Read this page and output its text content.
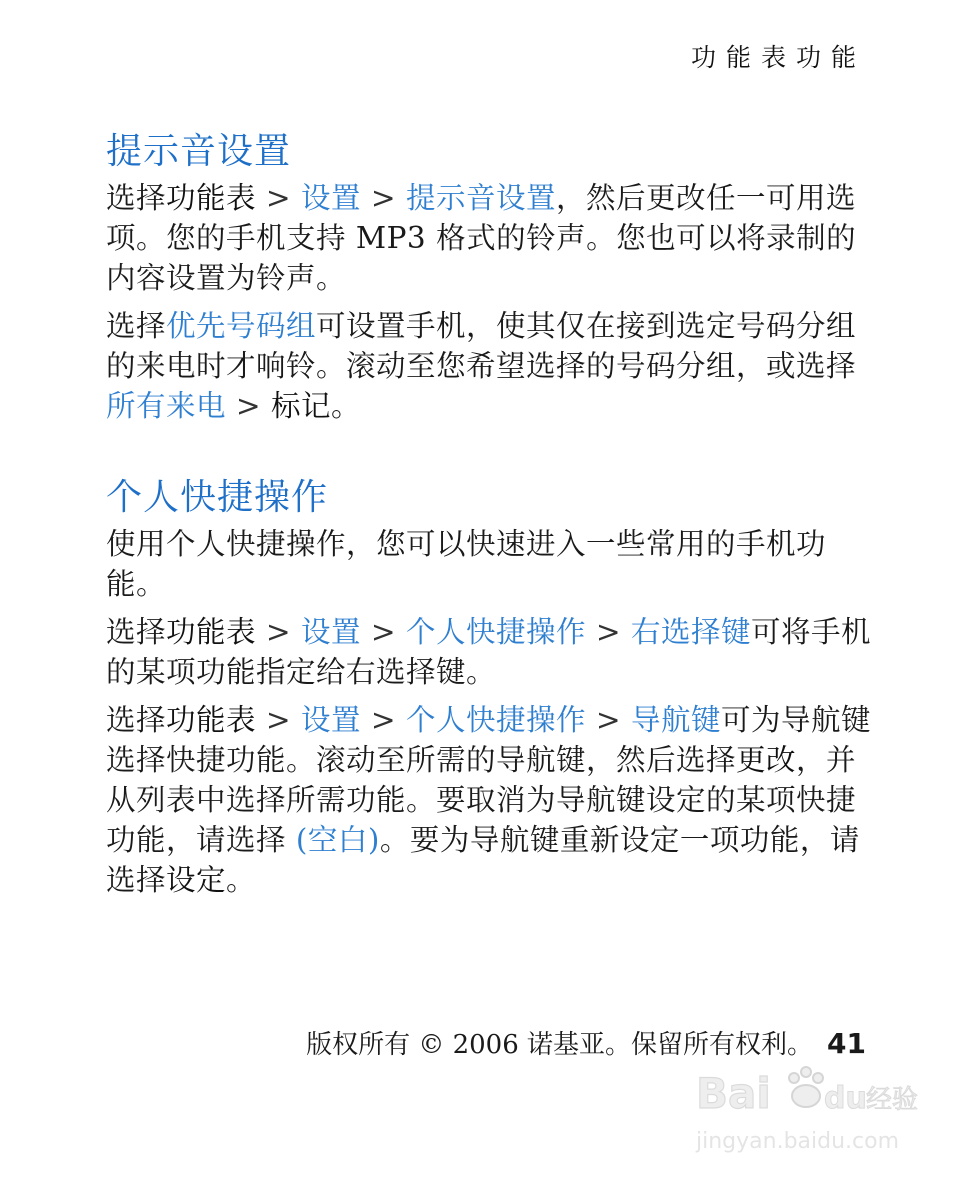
功能表功能
提示音设置

选择功能表 > 设置 > 提示音设置，然后更改任一可用选项。您的手机支持 MP3 格式的铃声。您也可以将录制的内容设置为铃声。

选择优先号码组可设置手机，使其仅在接到选定号码分组的来电时才响铃。滚动至您希望选择的号码分组，或选择所有来电 > 标记。

个人快捷操作

使用个人快捷操作，您可以快速进入一些常用的手机功能。

选择功能表 > 设置 > 个人快捷操作 > 右选择键可将手机的某项功能指定给右选择键。

选择功能表 > 设置 > 个人快捷操作 > 导航键可为导航键选择快捷功能。滚动至所需的导航键，然后选择更改，并从列表中选择所需功能。要取消为导航键设定的某项快捷功能，请选择 (空白)。要为导航键重新设定一项功能，请选择设定。

版权所有 © 2006 诺基亚。保留所有权利。 41
Bai du 经验
jingyan.baidu.com
